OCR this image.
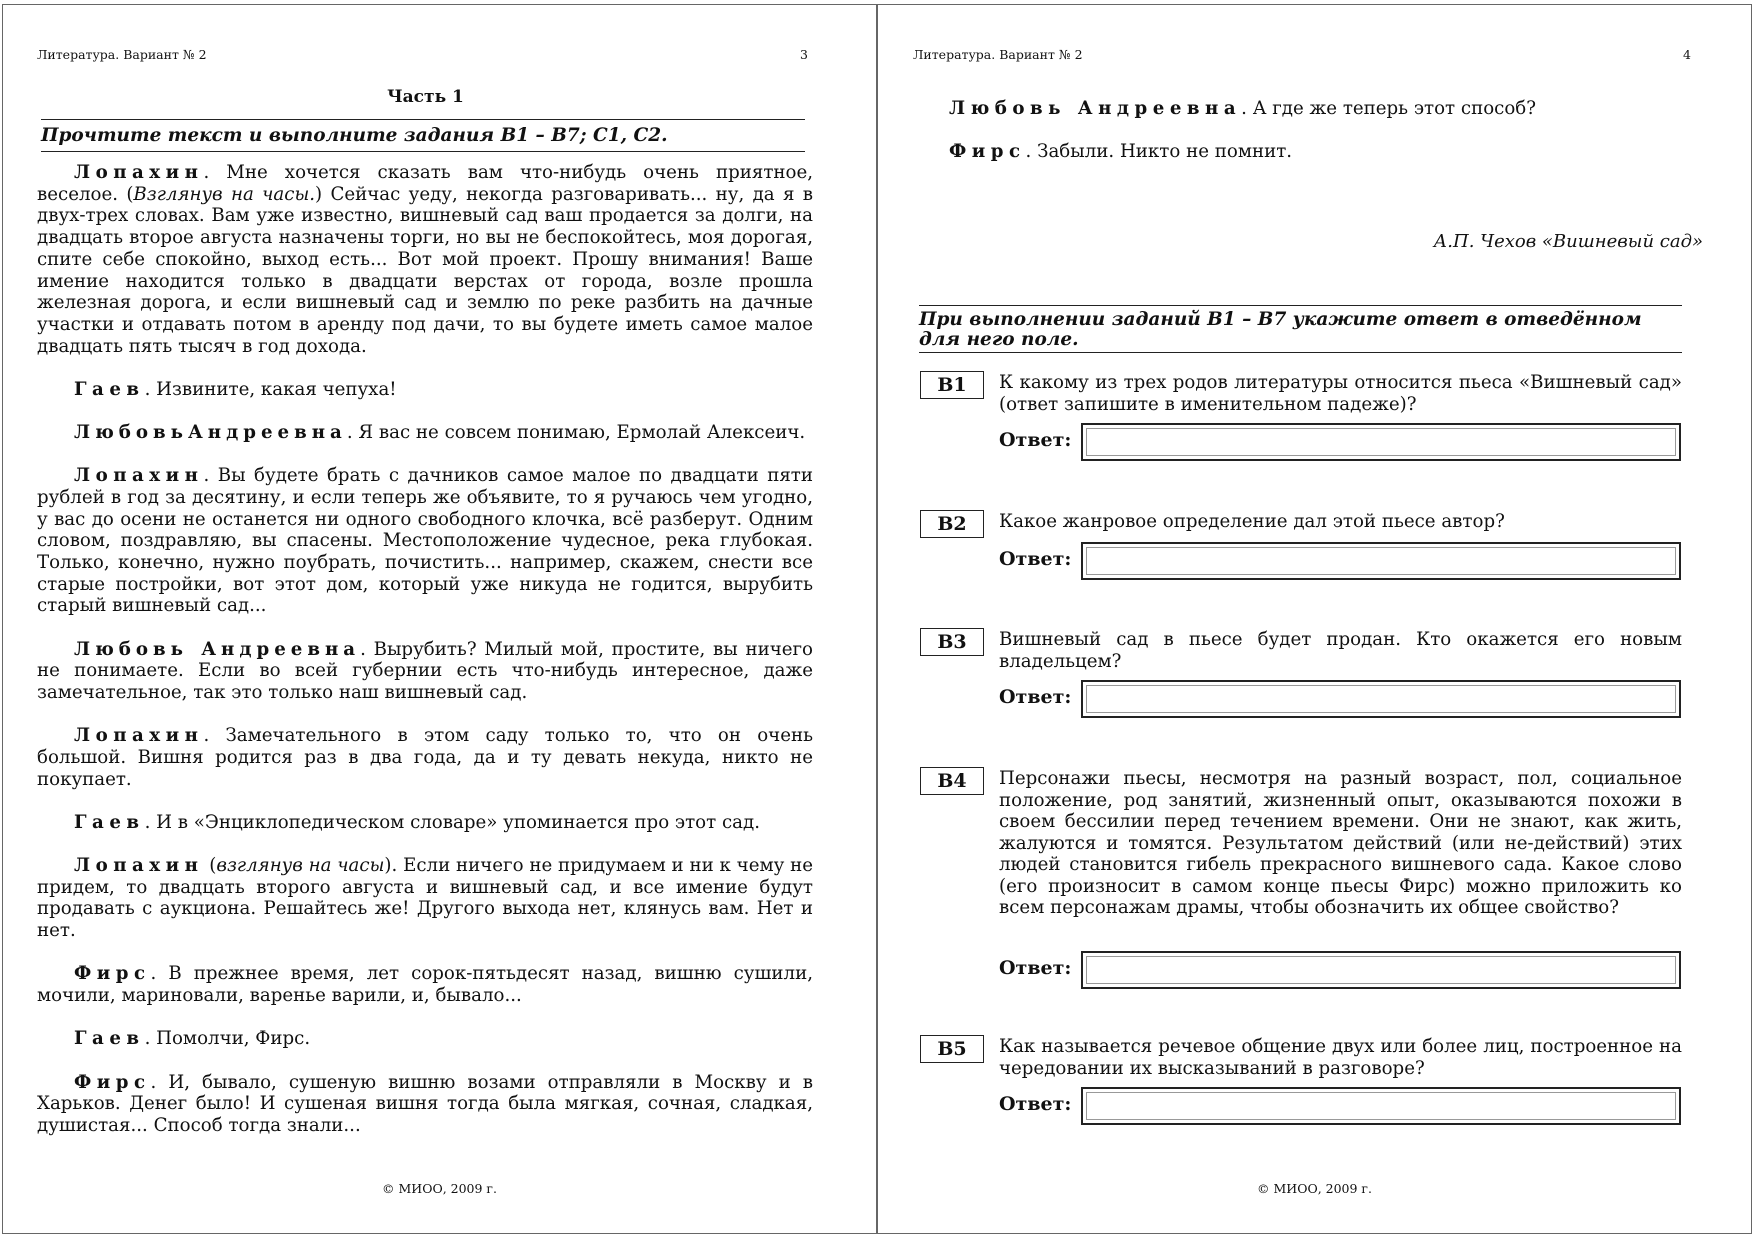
Литература. Вариант № 2	3
Часть 1
Прочтите текст и выполните задания В1 – В7; С1, С2.

Лопахин. Мне хочется сказать вам что-нибудь очень приятное, веселое. (Взглянув на часы.) Сейчас уеду, некогда разговаривать... ну, да я в двух-трех словах. Вам уже известно, вишневый сад ваш продается за долги, на двадцать второе августа назначены торги, но вы не беспокойтесь, моя дорогая, спите себе спокойно, выход есть... Вот мой проект. Прошу внимания! Ваше имение находится только в двадцати верстах от города, возле прошла железная дорога, и если вишневый сад и землю по реке разбить на дачные участки и отдавать потом в аренду под дачи, то вы будете иметь самое малое двадцать пять тысяч в год дохода.

Гаев. Извините, какая чепуха!

ЛюбовьАндреевна. Я вас не совсем понимаю, Ермолай Алексеич.

Лопахин. Вы будете брать с дачников самое малое по двадцати пяти рублей в год за десятину, и если теперь же объявите, то я ручаюсь чем угодно, у вас до осени не останется ни одного свободного клочка, всё разберут. Одним словом, поздравляю, вы спасены. Местоположение чудесное, река глубокая. Только, конечно, нужно поубрать, почистить... например, скажем, снести все старые постройки, вот этот дом, который уже никуда не годится, вырубить старый вишневый сад...

Любовь Андреевна. Вырубить? Милый мой, простите, вы ничего не понимаете. Если во всей губернии есть что-нибудь интересное, даже замечательное, так это только наш вишневый сад.

Лопахин. Замечательного в этом саду только то, что он очень большой. Вишня родится раз в два года, да и ту девать некуда, никто не покупает.

Гаев. И в «Энциклопедическом словаре» упоминается про этот сад.

Лопахин (взглянув на часы). Если ничего не придумаем и ни к чему не придем, то двадцать второго августа и вишневый сад, и все имение будут продавать с аукциона. Решайтесь же! Другого выхода нет, клянусь вам. Нет и нет.

Фирс. В прежнее время, лет сорок-пятьдесят назад, вишню сушили, мочили, мариновали, варенье варили, и, бывало...

Гаев. Помолчи, Фирс.

Фирс. И, бывало, сушеную вишню возами отправляли в Москву и в Харьков. Денег было! И сушеная вишня тогда была мягкая, сочная, сладкая, душистая... Способ тогда знали...

© МИОО, 2009 г.
Литература. Вариант № 2	4

Любовь Андреевна. А где же теперь этот способ?

Фирс. Забыли. Никто не помнит.

А.П. Чехов «Вишневый сад»
При выполнении заданий В1 – В7 укажите ответ в отведённом для него поле.
В1	К какому из трех родов литературы относится пьеса «Вишневый сад» (ответ запишите в именительном падеже)?
Ответ:
В2	Какое жанровое определение дал этой пьесе автор?
Ответ:
В3	Вишневый сад в пьесе будет продан. Кто окажется его новым владельцем?
Ответ:
В4	Персонажи пьесы, несмотря на разный возраст, пол, социальное положение, род занятий, жизненный опыт, оказываются похожи в своем бессилии перед течением времени. Они не знают, как жить, жалуются и томятся. Результатом действий (или не-действий) этих людей становится гибель прекрасного вишневого сада. Какое слово (его произносит в самом конце пьесы Фирс) можно приложить ко всем персонажам драмы, чтобы обозначить их общее свойство?
Ответ:
В5	Как называется речевое общение двух или более лиц, построенное на чередовании их высказываний в разговоре?
Ответ:
© МИОО, 2009 г.
